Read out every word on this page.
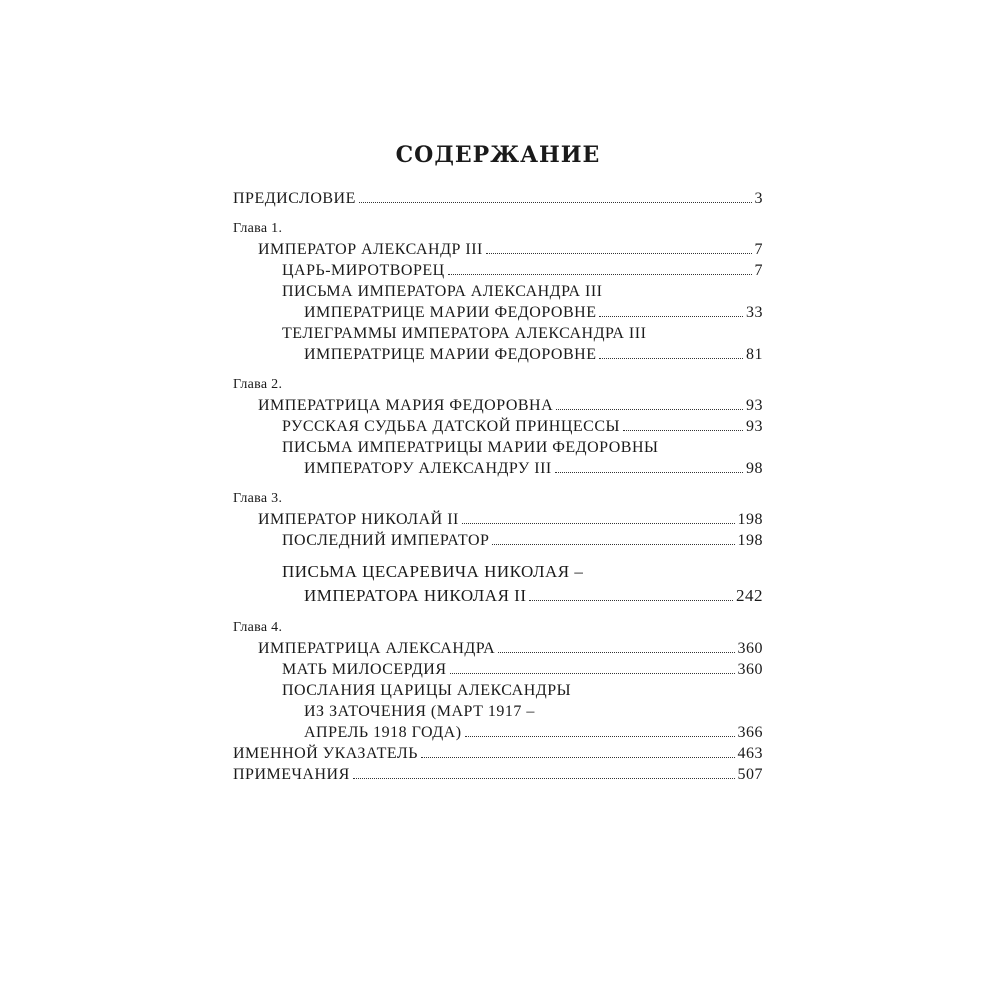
СОДЕРЖАНИЕ
ПРЕДИСЛОВИЕ	3
Глава 1.
ИМПЕРАТОР АЛЕКСАНДР III	7
ЦАРЬ-МИРОТВОРЕЦ	7
ПИСЬМА ИМПЕРАТОРА АЛЕКСАНДРА III
ИМПЕРАТРИЦЕ МАРИИ ФЕДОРОВНЕ	33
ТЕЛЕГРАММЫ ИМПЕРАТОРА АЛЕКСАНДРА III
ИМПЕРАТРИЦЕ МАРИИ ФЕДОРОВНЕ	81
Глава 2.
ИМПЕРАТРИЦА МАРИЯ ФЕДОРОВНА	93
РУССКАЯ СУДЬБА ДАТСКОЙ ПРИНЦЕССЫ	93
ПИСЬМА ИМПЕРАТРИЦЫ МАРИИ ФЕДОРОВНЫ
ИМПЕРАТОРУ АЛЕКСАНДРУ III	98
Глава 3.
ИМПЕРАТОР НИКОЛАЙ II	198
ПОСЛЕДНИЙ ИМПЕРАТОР	198
ПИСЬМА ЦЕСАРЕВИЧА НИКОЛАЯ –
ИМПЕРАТОРА НИКОЛАЯ II	242
Глава 4.
ИМПЕРАТРИЦА АЛЕКСАНДРА	360
МАТЬ МИЛОСЕРДИЯ	360
ПОСЛАНИЯ ЦАРИЦЫ АЛЕКСАНДРЫ
ИЗ ЗАТОЧЕНИЯ (МАРТ 1917 –
АПРЕЛЬ 1918 ГОДА)	366
ИМЕННОЙ УКАЗАТЕЛЬ	463
ПРИМЕЧАНИЯ	507
